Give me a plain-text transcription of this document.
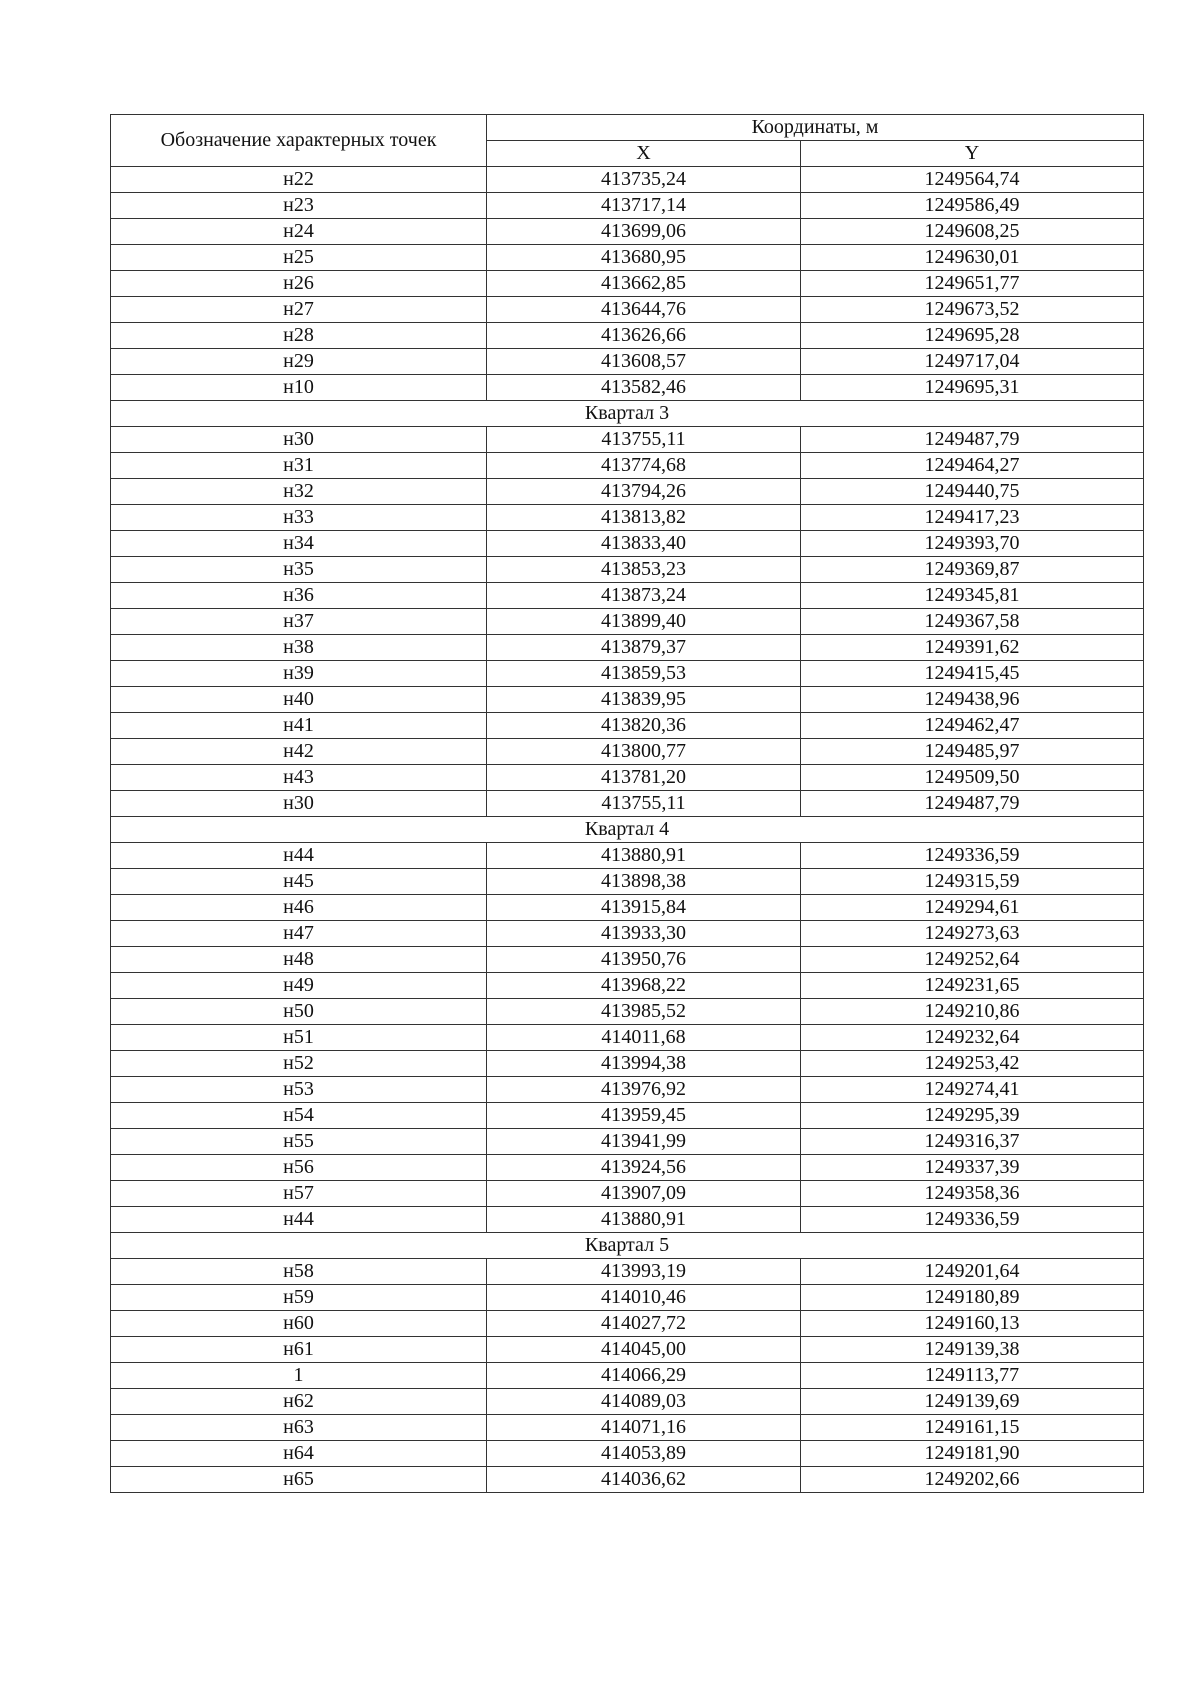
Обозначение характерных точек	Координаты, м	
	X	Y
н22	413735,24	1249564,74
н23	413717,14	1249586,49
н24	413699,06	1249608,25
н25	413680,95	1249630,01
н26	413662,85	1249651,77
н27	413644,76	1249673,52
н28	413626,66	1249695,28
н29	413608,57	1249717,04
н10	413582,46	1249695,31
Квартал 3		
н30	413755,11	1249487,79
н31	413774,68	1249464,27
н32	413794,26	1249440,75
н33	413813,82	1249417,23
н34	413833,40	1249393,70
н35	413853,23	1249369,87
н36	413873,24	1249345,81
н37	413899,40	1249367,58
н38	413879,37	1249391,62
н39	413859,53	1249415,45
н40	413839,95	1249438,96
н41	413820,36	1249462,47
н42	413800,77	1249485,97
н43	413781,20	1249509,50
н30	413755,11	1249487,79
Квартал 4		
н44	413880,91	1249336,59
н45	413898,38	1249315,59
н46	413915,84	1249294,61
н47	413933,30	1249273,63
н48	413950,76	1249252,64
н49	413968,22	1249231,65
н50	413985,52	1249210,86
н51	414011,68	1249232,64
н52	413994,38	1249253,42
н53	413976,92	1249274,41
н54	413959,45	1249295,39
н55	413941,99	1249316,37
н56	413924,56	1249337,39
н57	413907,09	1249358,36
н44	413880,91	1249336,59
Квартал 5		
н58	413993,19	1249201,64
н59	414010,46	1249180,89
н60	414027,72	1249160,13
н61	414045,00	1249139,38
1	414066,29	1249113,77
н62	414089,03	1249139,69
н63	414071,16	1249161,15
н64	414053,89	1249181,90
н65	414036,62	1249202,66
